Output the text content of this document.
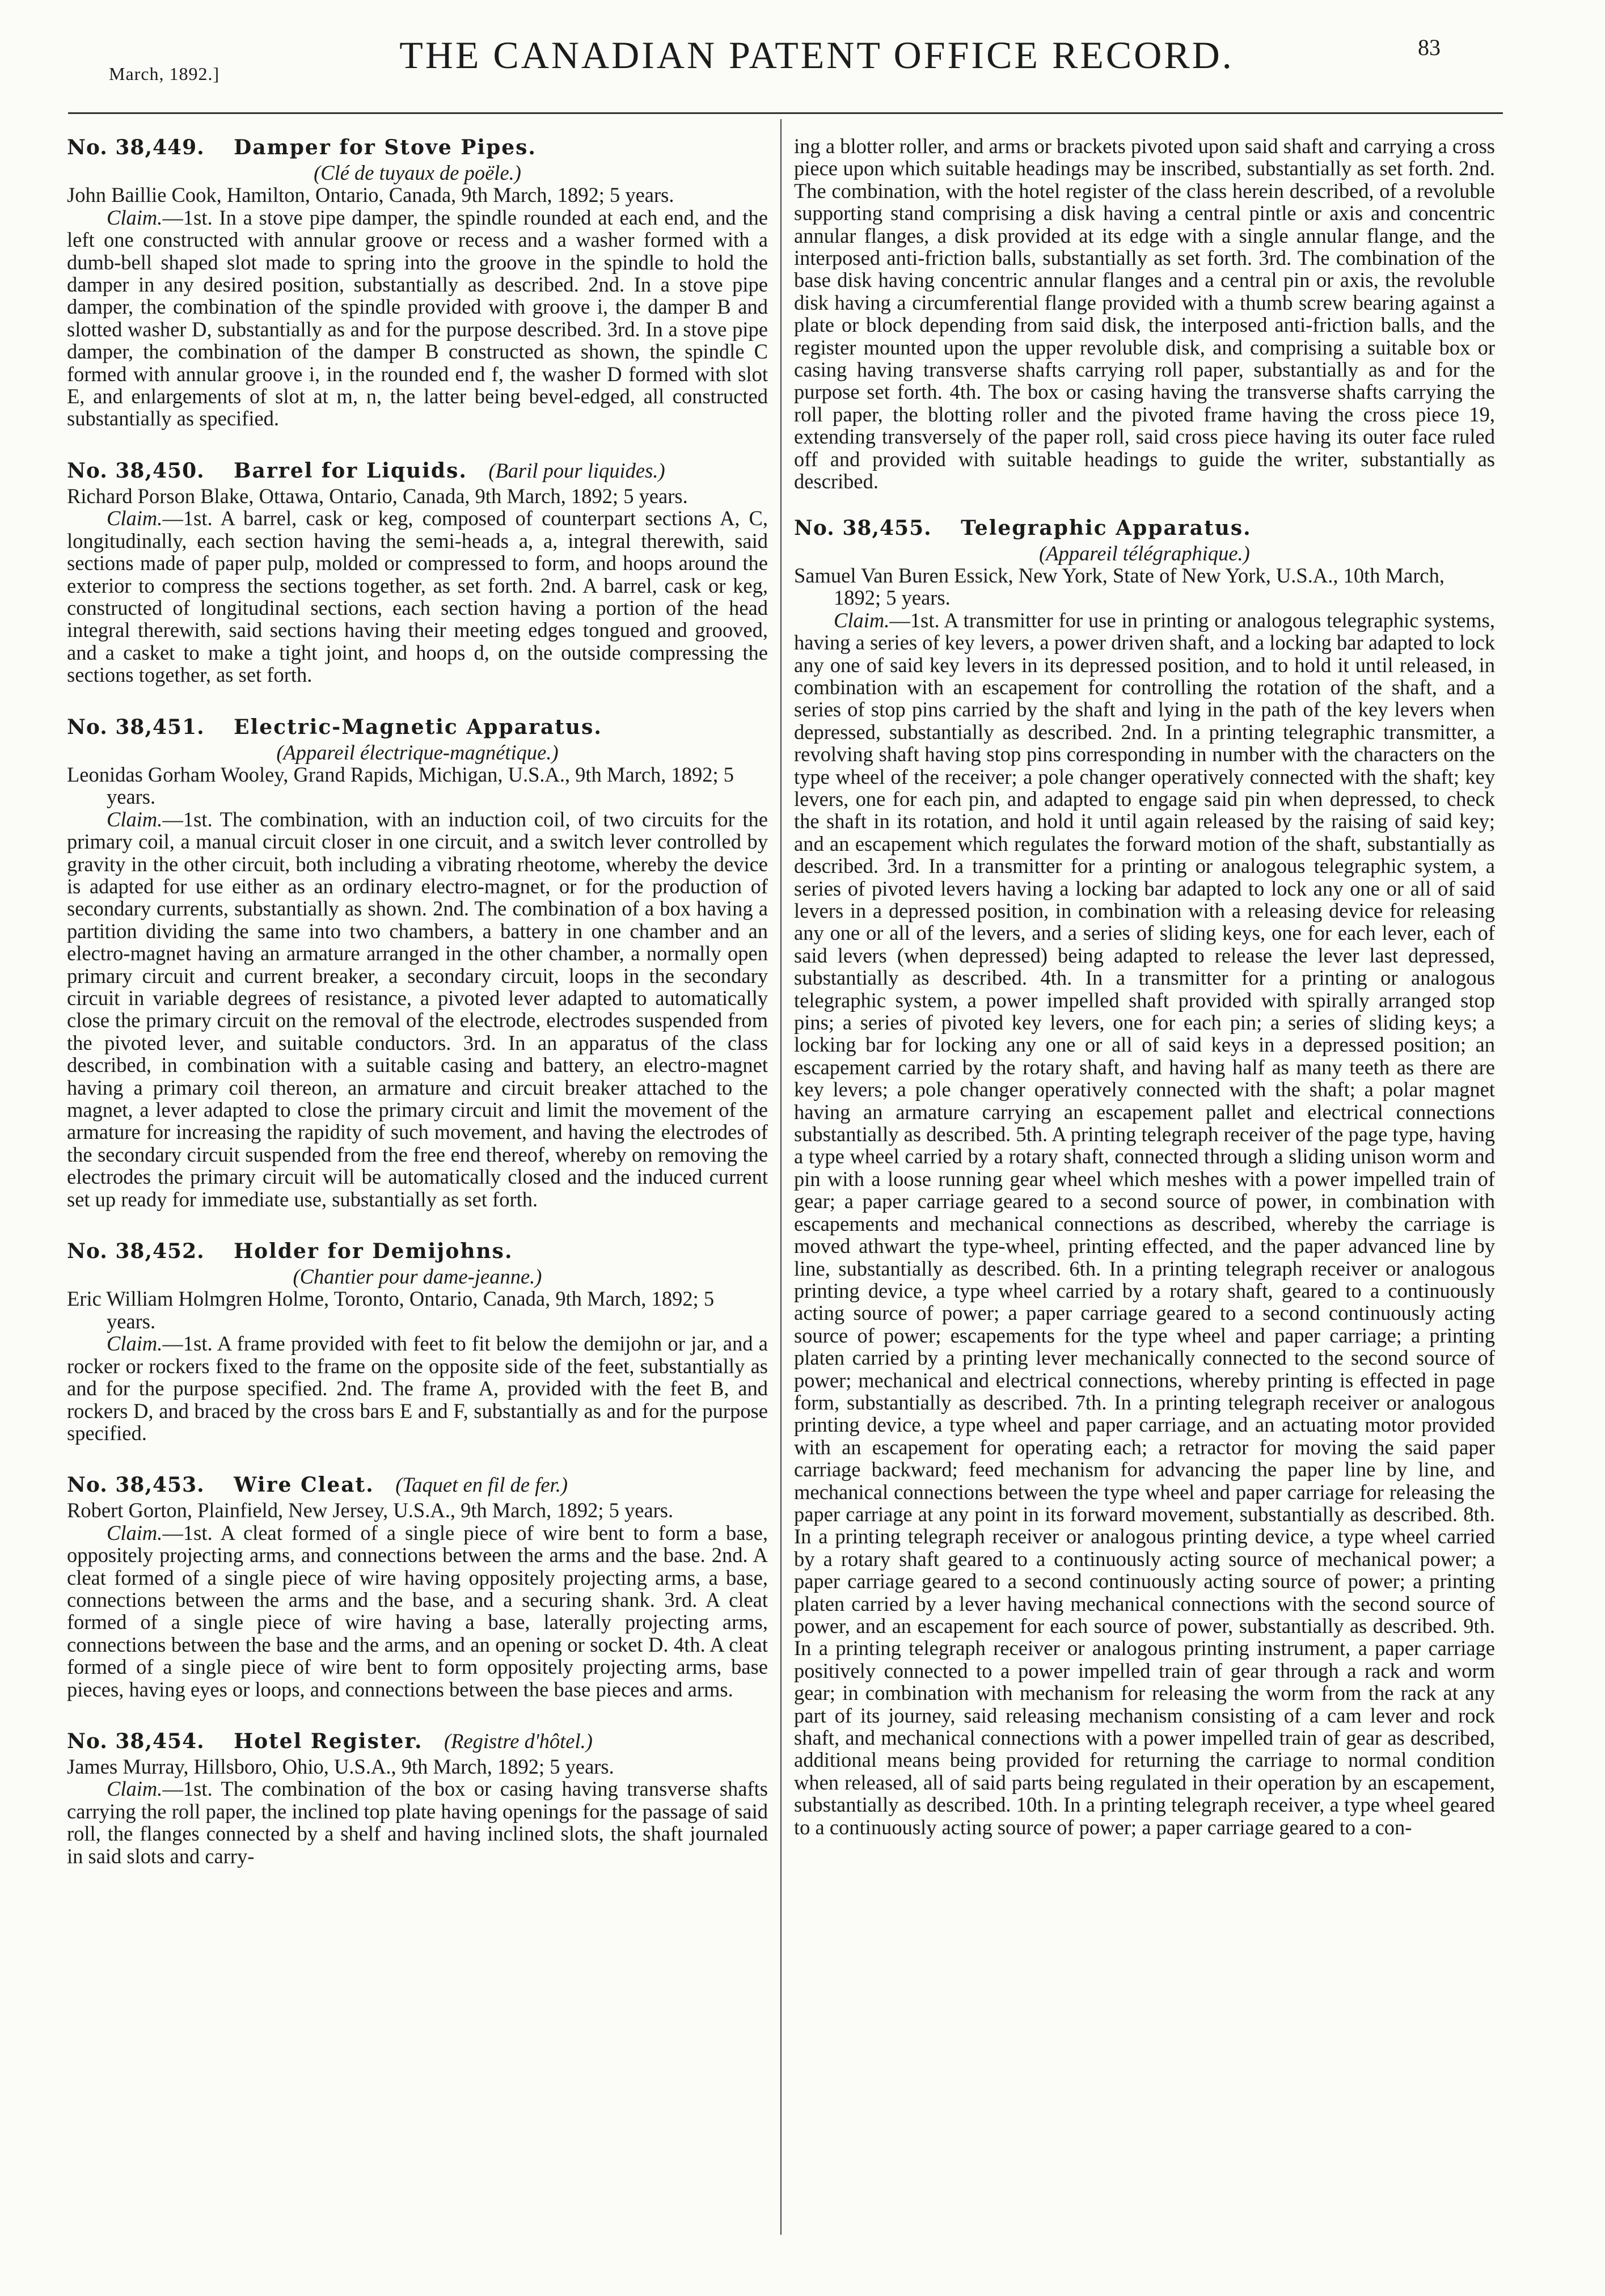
March, 1892.]	THE CANADIAN PATENT OFFICE RECORD.	83
No. 38,449. Damper for Stove Pipes.

(Clé de tuyaux de poële.)

John Baillie Cook, Hamilton, Ontario, Canada, 9th March, 1892; 5 years.

Claim.—1st. In a stove pipe damper, the spindle rounded at each end, and the left one constructed with annular groove or recess and a washer formed with a dumb-bell shaped slot made to spring into the groove in the spindle to hold the damper in any desired position, substantially as described. 2nd. In a stove pipe damper, the combination of the spindle provided with groove i, the damper B and slotted washer D, substantially as and for the purpose described. 3rd. In a stove pipe damper, the combination of the damper B constructed as shown, the spindle C formed with annular groove i, in the rounded end f, the washer D formed with slot E, and enlargements of slot at m, n, the latter being bevel-edged, all constructed substantially as specified.

No. 38,450. Barrel for Liquids. (Baril pour liquides.)

Richard Porson Blake, Ottawa, Ontario, Canada, 9th March, 1892; 5 years.

Claim.—1st. A barrel, cask or keg, composed of counterpart sections A, C, longitudinally, each section having the semi-heads a, a, integral therewith, said sections made of paper pulp, molded or compressed to form, and hoops around the exterior to compress the sections together, as set forth. 2nd. A barrel, cask or keg, constructed of longitudinal sections, each section having a portion of the head integral therewith, said sections having their meeting edges tongued and grooved, and a casket to make a tight joint, and hoops d, on the outside compressing the sections together, as set forth.

No. 38,451. Electric-Magnetic Apparatus.

(Appareil électrique-magnétique.)

Leonidas Gorham Wooley, Grand Rapids, Michigan, U.S.A., 9th March, 1892; 5 years.

Claim.—1st. The combination, with an induction coil, of two circuits for the primary coil, a manual circuit closer in one circuit, and a switch lever controlled by gravity in the other circuit, both including a vibrating rheotome, whereby the device is adapted for use either as an ordinary electro-magnet, or for the production of secondary currents, substantially as shown. 2nd. The combination of a box having a partition dividing the same into two chambers, a battery in one chamber and an electro-magnet having an armature arranged in the other chamber, a normally open primary circuit and current breaker, a secondary circuit, loops in the secondary circuit in variable degrees of resistance, a pivoted lever adapted to automatically close the primary circuit on the removal of the electrode, electrodes suspended from the pivoted lever, and suitable conductors. 3rd. In an apparatus of the class described, in combination with a suitable casing and battery, an electro-magnet having a primary coil thereon, an armature and circuit breaker attached to the magnet, a lever adapted to close the primary circuit and limit the movement of the armature for increasing the rapidity of such movement, and having the electrodes of the secondary circuit suspended from the free end thereof, whereby on removing the electrodes the primary circuit will be automatically closed and the induced current set up ready for immediate use, substantially as set forth.

No. 38,452. Holder for Demijohns.

(Chantier pour dame-jeanne.)

Eric William Holmgren Holme, Toronto, Ontario, Canada, 9th March, 1892; 5 years.

Claim.—1st. A frame provided with feet to fit below the demijohn or jar, and a rocker or rockers fixed to the frame on the opposite side of the feet, substantially as and for the purpose specified. 2nd. The frame A, provided with the feet B, and rockers D, and braced by the cross bars E and F, substantially as and for the purpose specified.

No. 38,453. Wire Cleat. (Taquet en fil de fer.)

Robert Gorton, Plainfield, New Jersey, U.S.A., 9th March, 1892; 5 years.

Claim.—1st. A cleat formed of a single piece of wire bent to form a base, oppositely projecting arms, and connections between the arms and the base. 2nd. A cleat formed of a single piece of wire having oppositely projecting arms, a base, connections between the arms and the base, and a securing shank. 3rd. A cleat formed of a single piece of wire having a base, laterally projecting arms, connections between the base and the arms, and an opening or socket D. 4th. A cleat formed of a single piece of wire bent to form oppositely projecting arms, base pieces, having eyes or loops, and connections between the base pieces and arms.

No. 38,454. Hotel Register. (Registre d'hôtel.)

James Murray, Hillsboro, Ohio, U.S.A., 9th March, 1892; 5 years.

Claim.—1st. The combination of the box or casing having transverse shafts carrying the roll paper, the inclined top plate having openings for the passage of said roll, the flanges connected by a shelf and having inclined slots, the shaft journaled in said slots and carry-

ing a blotter roller, and arms or brackets pivoted upon said shaft and carrying a cross piece upon which suitable headings may be inscribed, substantially as set forth. 2nd. The combination, with the hotel register of the class herein described, of a revoluble supporting stand comprising a disk having a central pintle or axis and concentric annular flanges, a disk provided at its edge with a single annular flange, and the interposed anti-friction balls, substantially as set forth. 3rd. The combination of the base disk having concentric annular flanges and a central pin or axis, the revoluble disk having a circumferential flange provided with a thumb screw bearing against a plate or block depending from said disk, the interposed anti-friction balls, and the register mounted upon the upper revoluble disk, and comprising a suitable box or casing having transverse shafts carrying roll paper, substantially as and for the purpose set forth. 4th. The box or casing having the transverse shafts carrying the roll paper, the blotting roller and the pivoted frame having the cross piece 19, extending transversely of the paper roll, said cross piece having its outer face ruled off and provided with suitable headings to guide the writer, substantially as described.

No. 38,455. Telegraphic Apparatus.

(Appareil télégraphique.)

Samuel Van Buren Essick, New York, State of New York, U.S.A., 10th March, 1892; 5 years.

Claim.—1st. A transmitter for use in printing or analogous telegraphic systems, having a series of key levers, a power driven shaft, and a locking bar adapted to lock any one of said key levers in its depressed position, and to hold it until released, in combination with an escapement for controlling the rotation of the shaft, and a series of stop pins carried by the shaft and lying in the path of the key levers when depressed, substantially as described. 2nd. In a printing telegraphic transmitter, a revolving shaft having stop pins corresponding in number with the characters on the type wheel of the receiver; a pole changer operatively connected with the shaft; key levers, one for each pin, and adapted to engage said pin when depressed, to check the shaft in its rotation, and hold it until again released by the raising of said key; and an escapement which regulates the forward motion of the shaft, substantially as described. 3rd. In a transmitter for a printing or analogous telegraphic system, a series of pivoted levers having a locking bar adapted to lock any one or all of said levers in a depressed position, in combination with a releasing device for releasing any one or all of the levers, and a series of sliding keys, one for each lever, each of said levers (when depressed) being adapted to release the lever last depressed, substantially as described. 4th. In a transmitter for a printing or analogous telegraphic system, a power impelled shaft provided with spirally arranged stop pins; a series of pivoted key levers, one for each pin; a series of sliding keys; a locking bar for locking any one or all of said keys in a depressed position; an escapement carried by the rotary shaft, and having half as many teeth as there are key levers; a pole changer operatively connected with the shaft; a polar magnet having an armature carrying an escapement pallet and electrical connections substantially as described. 5th. A printing telegraph receiver of the page type, having a type wheel carried by a rotary shaft, connected through a sliding unison worm and pin with a loose running gear wheel which meshes with a power impelled train of gear; a paper carriage geared to a second source of power, in combination with escapements and mechanical connections as described, whereby the carriage is moved athwart the type-wheel, printing effected, and the paper advanced line by line, substantially as described. 6th. In a printing telegraph receiver or analogous printing device, a type wheel carried by a rotary shaft, geared to a continuously acting source of power; a paper carriage geared to a second continuously acting source of power; escapements for the type wheel and paper carriage; a printing platen carried by a printing lever mechanically connected to the second source of power; mechanical and electrical connections, whereby printing is effected in page form, substantially as described. 7th. In a printing telegraph receiver or analogous printing device, a type wheel and paper carriage, and an actuating motor provided with an escapement for operating each; a retractor for moving the said paper carriage backward; feed mechanism for advancing the paper line by line, and mechanical connections between the type wheel and paper carriage for releasing the paper carriage at any point in its forward movement, substantially as described. 8th. In a printing telegraph receiver or analogous printing device, a type wheel carried by a rotary shaft geared to a continuously acting source of mechanical power; a paper carriage geared to a second continuously acting source of power; a printing platen carried by a lever having mechanical connections with the second source of power, and an escapement for each source of power, substantially as described. 9th. In a printing telegraph receiver or analogous printing instrument, a paper carriage positively connected to a power impelled train of gear through a rack and worm gear; in combination with mechanism for releasing the worm from the rack at any part of its journey, said releasing mechanism consisting of a cam lever and rock shaft, and mechanical connections with a power impelled train of gear as described, additional means being provided for returning the carriage to normal condition when released, all of said parts being regulated in their operation by an escapement, substantially as described. 10th. In a printing telegraph receiver, a type wheel geared to a continuously acting source of power; a paper carriage geared to a con-
